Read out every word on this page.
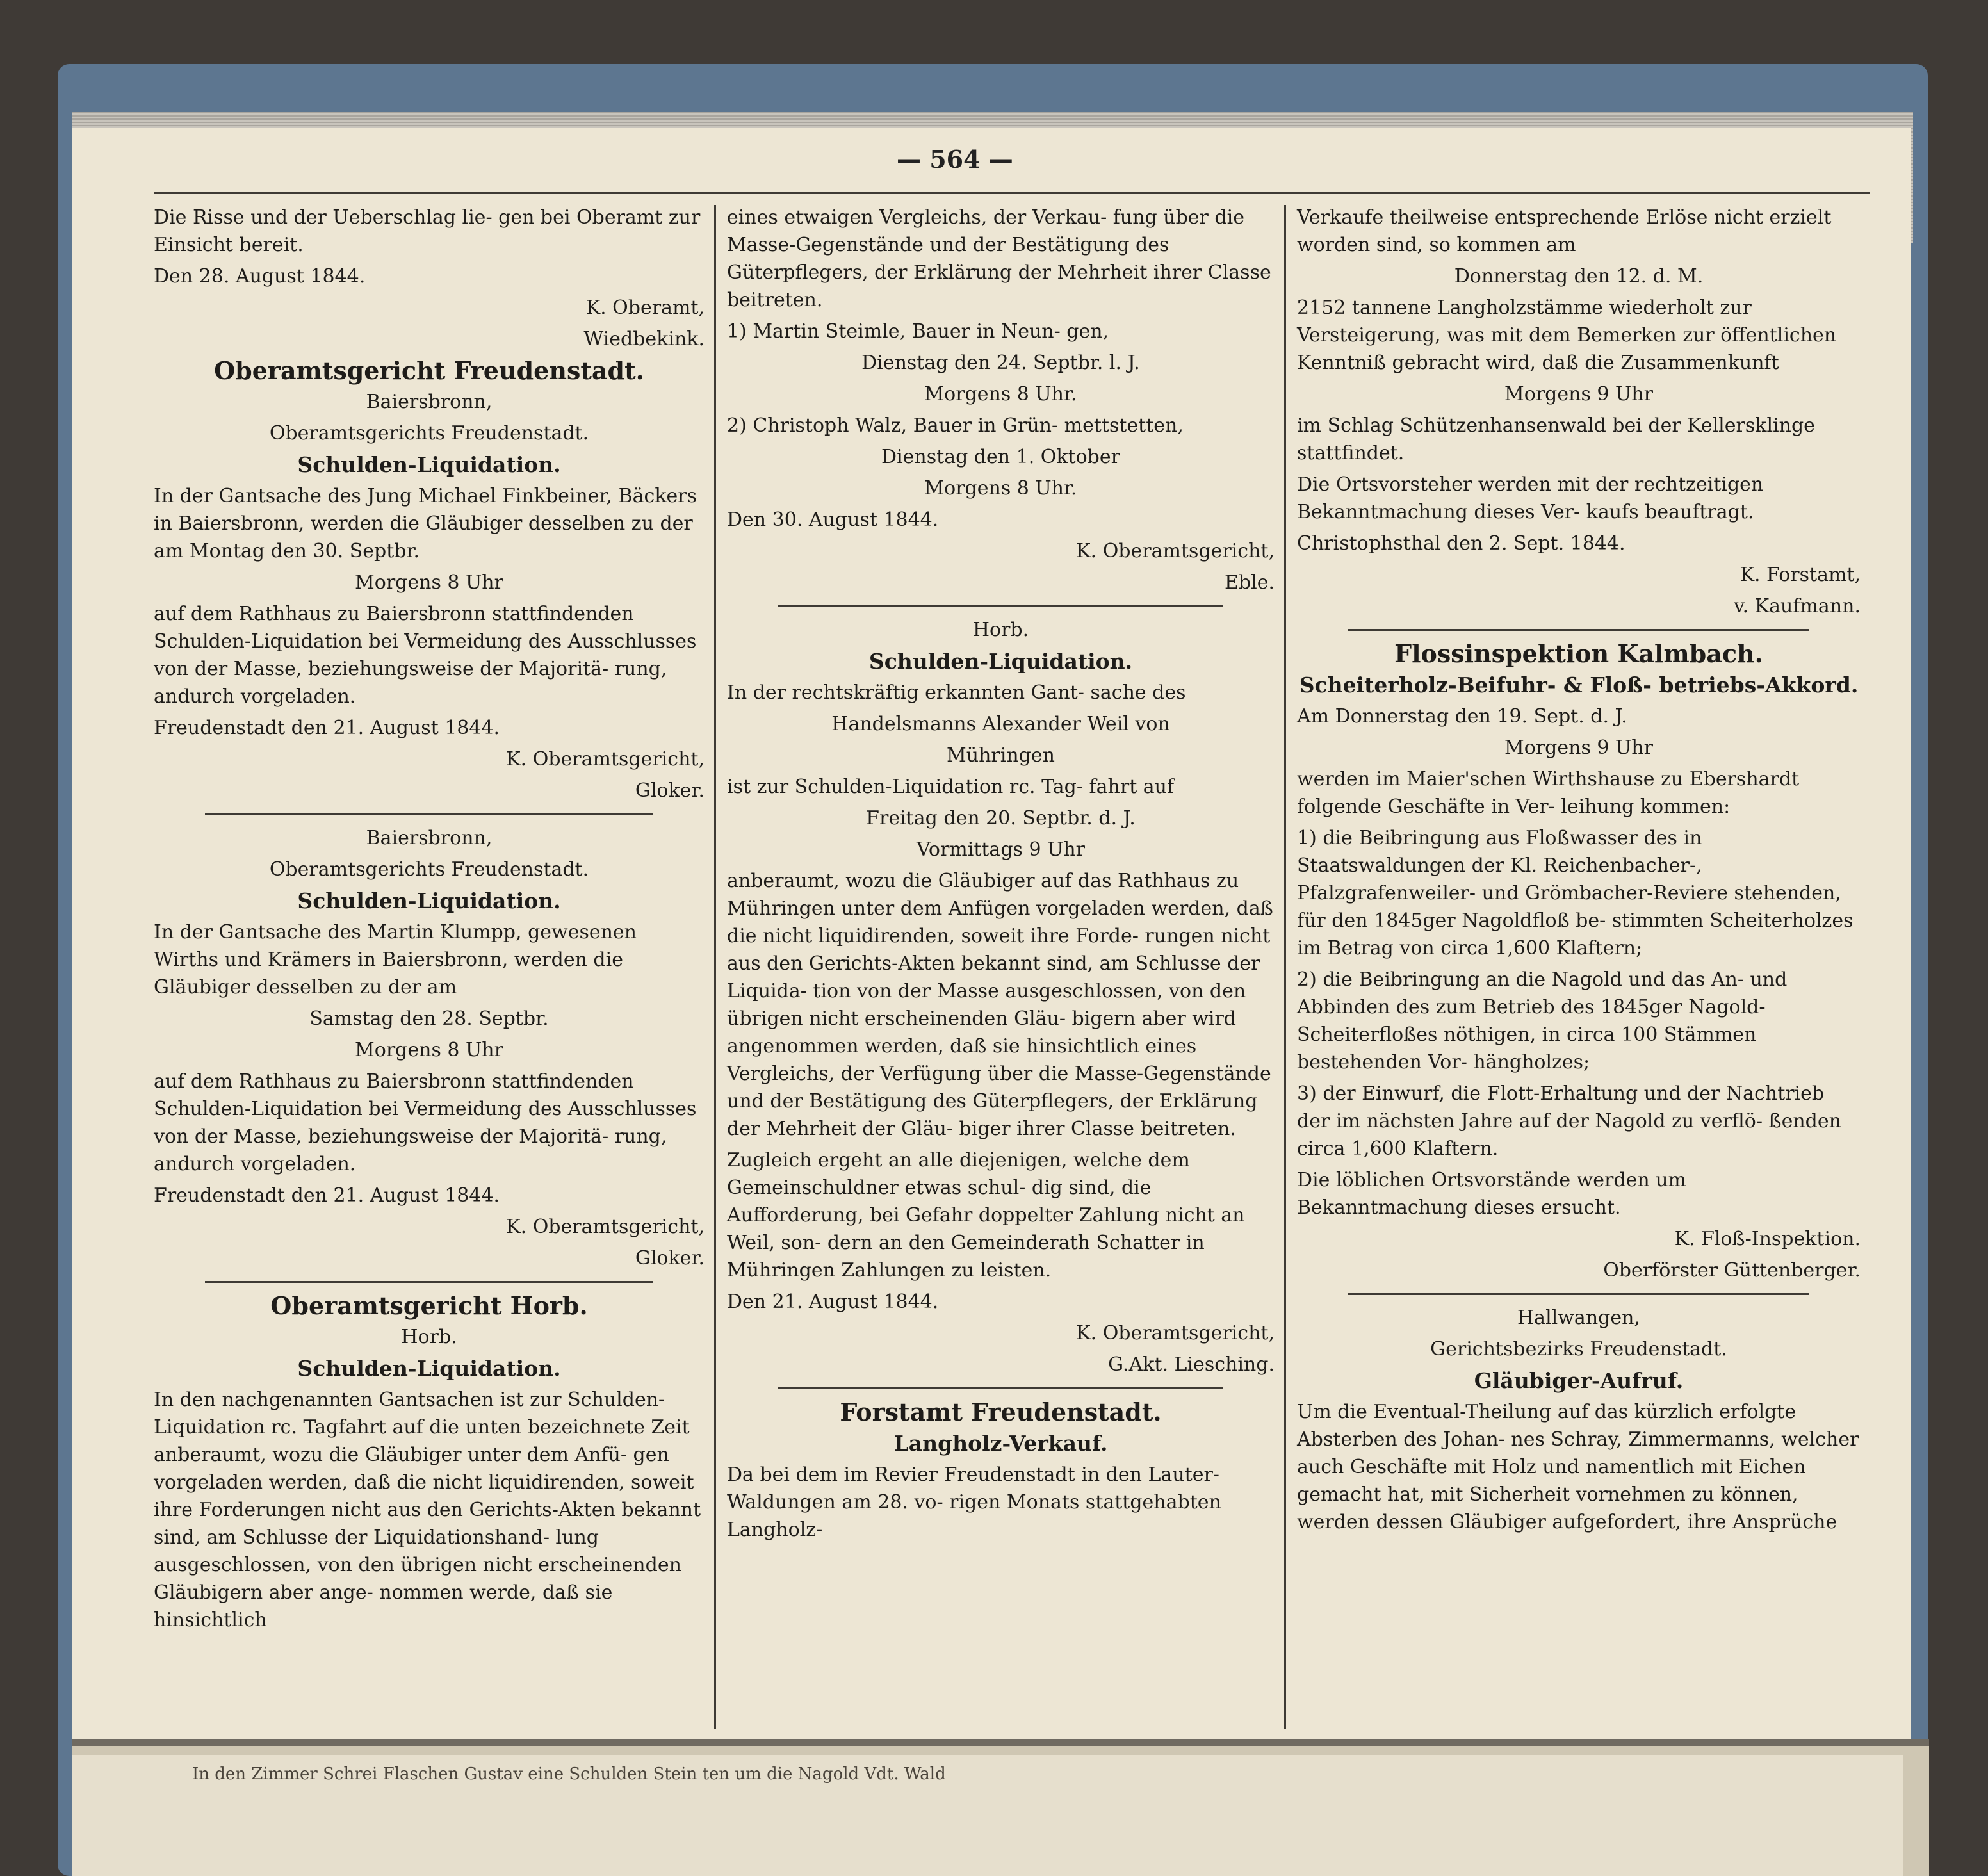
In den Zimmer Schrei Flaschen Gustav eine Schulden Stein ten um die Nagold Vdt. Wald
— 564 —

Die Risse und der Ueberschlag lie- gen bei Oberamt zur Einsicht bereit.

Den 28. August 1844.

K. Oberamt,

Wiedbekink.

Oberamtsgericht Freudenstadt.

Baiersbronn,

Oberamtsgerichts Freudenstadt.

Schulden-Liquidation.

In der Gantsache des Jung Michael Finkbeiner, Bäckers in Baiersbronn, werden die Gläubiger desselben zu der am Montag den 30. Septbr.

Morgens 8 Uhr

auf dem Rathhaus zu Baiersbronn stattfindenden Schulden-Liquidation bei Vermeidung des Ausschlusses von der Masse, beziehungsweise der Majoritä- rung, andurch vorgeladen.

Freudenstadt den 21. August 1844.

K. Oberamtsgericht,

Gloker.

Baiersbronn,

Oberamtsgerichts Freudenstadt.

Schulden-Liquidation.

In der Gantsache des Martin Klumpp, gewesenen Wirths und Krämers in Baiersbronn, werden die Gläubiger desselben zu der am

Samstag den 28. Septbr.

Morgens 8 Uhr

auf dem Rathhaus zu Baiersbronn stattfindenden Schulden-Liquidation bei Vermeidung des Ausschlusses von der Masse, beziehungsweise der Majoritä- rung, andurch vorgeladen.

Freudenstadt den 21. August 1844.

K. Oberamtsgericht,

Gloker.

Oberamtsgericht Horb.

Horb.

Schulden-Liquidation.

In den nachgenannten Gantsachen ist zur Schulden-Liquidation rc. Tagfahrt auf die unten bezeichnete Zeit anberaumt, wozu die Gläubiger unter dem Anfü- gen vorgeladen werden, daß die nicht liquidirenden, soweit ihre Forderungen nicht aus den Gerichts-Akten bekannt sind, am Schlusse der Liquidationshand- lung ausgeschlossen, von den übrigen nicht erscheinenden Gläubigern aber ange- nommen werde, daß sie hinsichtlich

eines etwaigen Vergleichs, der Verkau- fung über die Masse-Gegenstände und der Bestätigung des Güterpflegers, der Erklärung der Mehrheit ihrer Classe beitreten.

1) Martin Steimle, Bauer in Neun- gen,

Dienstag den 24. Septbr. l. J.

Morgens 8 Uhr.

2) Christoph Walz, Bauer in Grün- mettstetten,

Dienstag den 1. Oktober

Morgens 8 Uhr.

Den 30. August 1844.

K. Oberamtsgericht,

Eble.

Horb.

Schulden-Liquidation.

In der rechtskräftig erkannten Gant- sache des

Handelsmanns Alexander Weil von

Mühringen

ist zur Schulden-Liquidation rc. Tag- fahrt auf

Freitag den 20. Septbr. d. J.

Vormittags 9 Uhr

anberaumt, wozu die Gläubiger auf das Rathhaus zu Mühringen unter dem Anfügen vorgeladen werden, daß die nicht liquidirenden, soweit ihre Forde- rungen nicht aus den Gerichts-Akten bekannt sind, am Schlusse der Liquida- tion von der Masse ausgeschlossen, von den übrigen nicht erscheinenden Gläu- bigern aber wird angenommen werden, daß sie hinsichtlich eines Vergleichs, der Verfügung über die Masse-Gegenstände und der Bestätigung des Güterpflegers, der Erklärung der Mehrheit der Gläu- biger ihrer Classe beitreten.

Zugleich ergeht an alle diejenigen, welche dem Gemeinschuldner etwas schul- dig sind, die Aufforderung, bei Gefahr doppelter Zahlung nicht an Weil, son- dern an den Gemeinderath Schatter in Mühringen Zahlungen zu leisten.

Den 21. August 1844.

K. Oberamtsgericht,

G.Akt. Liesching.

Forstamt Freudenstadt.

Langholz-Verkauf.

Da bei dem im Revier Freudenstadt in den Lauter-Waldungen am 28. vo- rigen Monats stattgehabten Langholz-

Verkaufe theilweise entsprechende Erlöse nicht erzielt worden sind, so kommen am

Donnerstag den 12. d. M.

2152 tannene Langholzstämme wiederholt zur Versteigerung, was mit dem Bemerken zur öffentlichen Kenntniß gebracht wird, daß die Zusammenkunft

Morgens 9 Uhr

im Schlag Schützenhansenwald bei der Kellersklinge stattfindet.

Die Ortsvorsteher werden mit der rechtzeitigen Bekanntmachung dieses Ver- kaufs beauftragt.

Christophsthal den 2. Sept. 1844.

K. Forstamt,

v. Kaufmann.

Flossinspektion Kalmbach.

Scheiterholz-Beifuhr- & Floß- betriebs-Akkord.

Am Donnerstag den 19. Sept. d. J.

Morgens 9 Uhr

werden im Maier'schen Wirthshause zu Ebershardt folgende Geschäfte in Ver- leihung kommen:

1) die Beibringung aus Floßwasser des in Staatswaldungen der Kl. Reichenbacher-, Pfalzgrafenweiler- und Grömbacher-Reviere stehenden, für den 1845ger Nagoldfloß be- stimmten Scheiterholzes im Betrag von circa 1,600 Klaftern;

2) die Beibringung an die Nagold und das An- und Abbinden des zum Betrieb des 1845ger Nagold- Scheiterfloßes nöthigen, in circa 100 Stämmen bestehenden Vor- hängholzes;

3) der Einwurf, die Flott-Erhaltung und der Nachtrieb der im nächsten Jahre auf der Nagold zu verflö- ßenden circa 1,600 Klaftern.

Die löblichen Ortsvorstände werden um Bekanntmachung dieses ersucht.

K. Floß-Inspektion.

Oberförster Güttenberger.

Hallwangen,

Gerichtsbezirks Freudenstadt.

Gläubiger-Aufruf.

Um die Eventual-Theilung auf das kürzlich erfolgte Absterben des Johan- nes Schray, Zimmermanns, welcher auch Geschäfte mit Holz und namentlich mit Eichen gemacht hat, mit Sicherheit vornehmen zu können, werden dessen Gläubiger aufgefordert, ihre Ansprüche
